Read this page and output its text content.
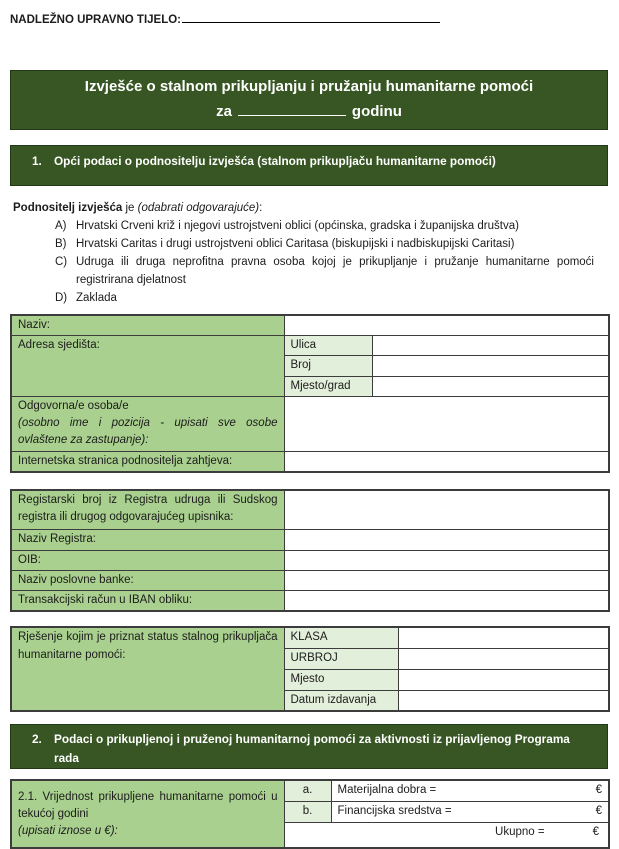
NADLEŽNO UPRAVNO TIJELO:
Izvješće o stalnom prikupljanju i pružanju humanitarne pomoći
za	godinu
1.	Opći podaci o podnositelju izvješća (stalnom prikupljaču humanitarne pomoći)
Podnositelj izvješća je (odabrati odgovarajuće):
A) Hrvatski Crveni križ i njegovi ustrojstveni oblici (općinska, gradska i županijska društva)
B) Hrvatski Caritas i drugi ustrojstveni oblici Caritasa (biskupijski i nadbiskupijski Caritasi)
C) Udruga ili druga neprofitna pravna osoba kojoj je prikupljanje i pružanje humanitarne pomoći registrirana djelatnost
D) Zaklada
Naziv:		
Adresa sjedišta:	Ulica	
	Broj	
	Mjesto/grad	

Odgovorna/e osoba/e
(osobno ime i pozicija - upisati sve osobe ovlaštene za zastupanje):		

Internetska stranica podnositelja zahtjeva:		
Registarski broj iz Registra udruga ili Sudskog registra ili drugog odgovarajućeg upisnika:	
Naziv Registra:	
OIB:	
Naziv poslovne banke:	
Transakcijski račun u IBAN obliku:	
Rješenje kojim je priznat status stalnog prikupljača humanitarne pomoći:	KLASA	
	URBROJ	
	Mjesto	
	Datum izdavanja	
2.	Podaci o prikupljenoj i pruženoj humanitarnoj pomoći za aktivnosti iz prijavljenog Programa rada
2.1. Vrijednost prikupljene humanitarne pomoći u tekućoj godini
(upisati iznose u €):
	a.	Materijalna dobra =	€

	b.	Financijska sredstva = €

	Ukupno = €	
